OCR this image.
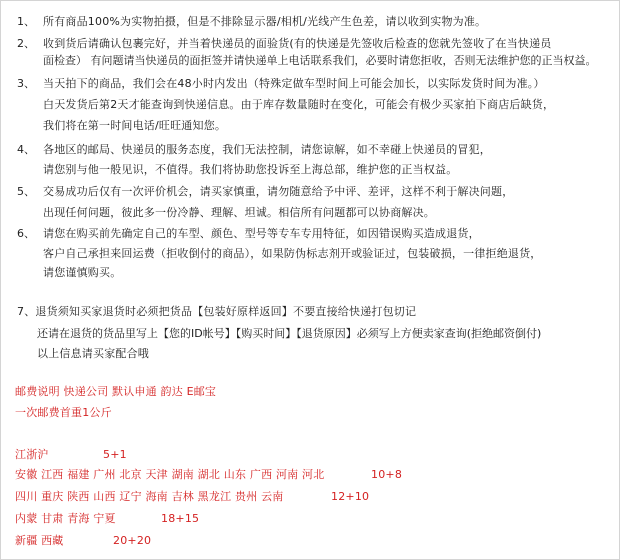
1、 所有商品100%为实物拍摄，但是不排除显示器/相机/光线产生色差，请以收到实物为准。
2、 收到货后请确认包裹完好，并当着快递员的面验货(有的快递是先签收后检查的您就先签收了在当快递员
面检查） 有问题请当快递员的面拒签并请快递单上电话联系我们，必要时请您拒收，否则无法维护您的正当权益。
3、 当天拍下的商品，我们会在48小时内发出（特殊定做车型时间上可能会加长，以实际发货时间为准。）
白天发货后第2天才能查询到快递信息。由于库存数量随时在变化，可能会有极少买家拍下商店后缺货，
我们将在第一时间电话/旺旺通知您。
4、 各地区的邮局、快递员的服务态度，我们无法控制，请您谅解，如不幸碰上快递员的冒犯，
请您别与他一般见识，不值得。我们将协助您投诉至上海总部，维护您的正当权益。
5、 交易成功后仅有一次评价机会，请买家慎重，请勿随意给予中评、差评，这样不利于解决问题，
出现任何问题，彼此多一份冷静、理解、坦诚。相信所有问题都可以协商解决。
6、 请您在购买前先确定自己的车型、颜色、型号等专车专用特征，如因错误购买造成退货，
客户自己承担来回运费（拒收倒付的商品），如果防伪标志剂开或验证过，包装破损，一律拒绝退货，
请您谨慎购买。
7、退货须知买家退货时必须把货品【包装好原样返回】不要直接给快递打包切记
还请在退货的货品里写上【您的ID帐号】【购买时间】【退货原因】必须写上方便卖家查询(拒绝邮资倒付)
以上信息请买家配合哦
邮费说明 快递公司 默认申通 韵达 E邮宝
一次邮费首重1公斤
江浙沪	5+1
安徽 江西 福建 广州 北京 天津 湖南 湖北 山东 广西 河南 河北	10+8
四川 重庆 陕西 山西 辽宁 海南 吉林 黑龙江 贵州 云南	12+10
内蒙 甘肃 青海 宁夏	18+15
新疆 西藏	20+20
